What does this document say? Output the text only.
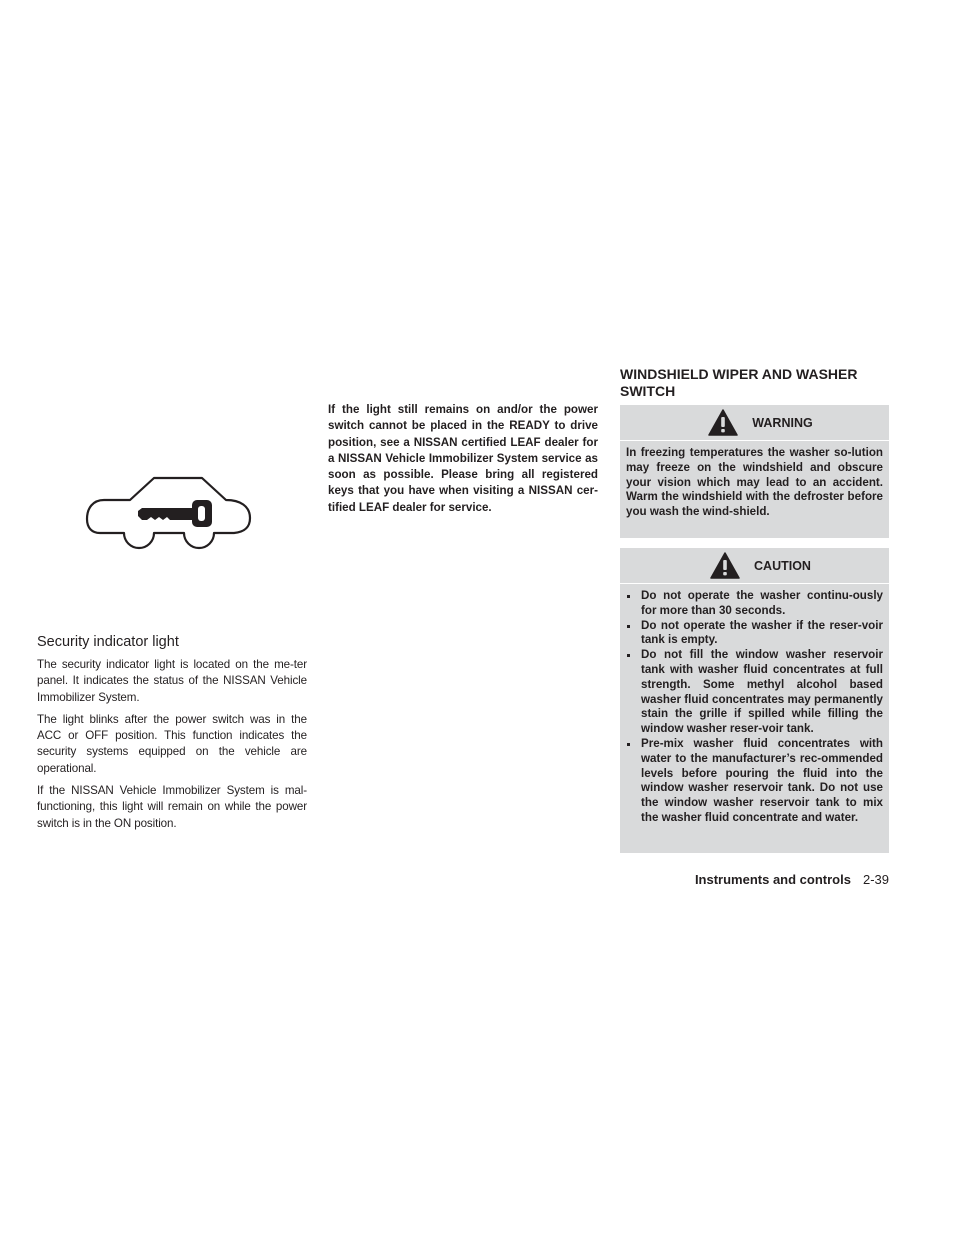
Security indicator light

The security indicator light is located on the me-ter panel. It indicates the status of the NISSAN Vehicle Immobilizer System.

The light blinks after the power switch was in the ACC or OFF position. This function indicates the security systems equipped on the vehicle are operational.

If the NISSAN Vehicle Immobilizer System is mal-functioning, this light will remain on while the power switch is in the ON position.

If the light still remains on and/or the power switch cannot be placed in the READY to drive position, see a NISSAN certified LEAF dealer for a NISSAN Vehicle Immobilizer System service as soon as possible. Please bring all registered keys that you have when visiting a NISSAN cer-tified LEAF dealer for service.
WINDSHIELD WIPER AND WASHER SWITCH
WARNING
In freezing temperatures the washer so-lution may freeze on the windshield and obscure your vision which may lead to an accident. Warm the windshield with the defroster before you wash the wind-shield.
CAUTION
Do not operate the washer continu-ously for more than 30 seconds.
Do not operate the washer if the reser-voir tank is empty.
Do not fill the window washer reservoir tank with washer fluid concentrates at full strength. Some methyl alcohol based washer fluid concentrates may permanently stain the grille if spilled while filling the window washer reser-voir tank.
Pre-mix washer fluid concentrates with water to the manufacturer’s rec-ommended levels before pouring the fluid into the window washer reservoir tank. Do not use the window washer reservoir tank to mix the washer fluid concentrate and water.
Instruments and controls 2-39
